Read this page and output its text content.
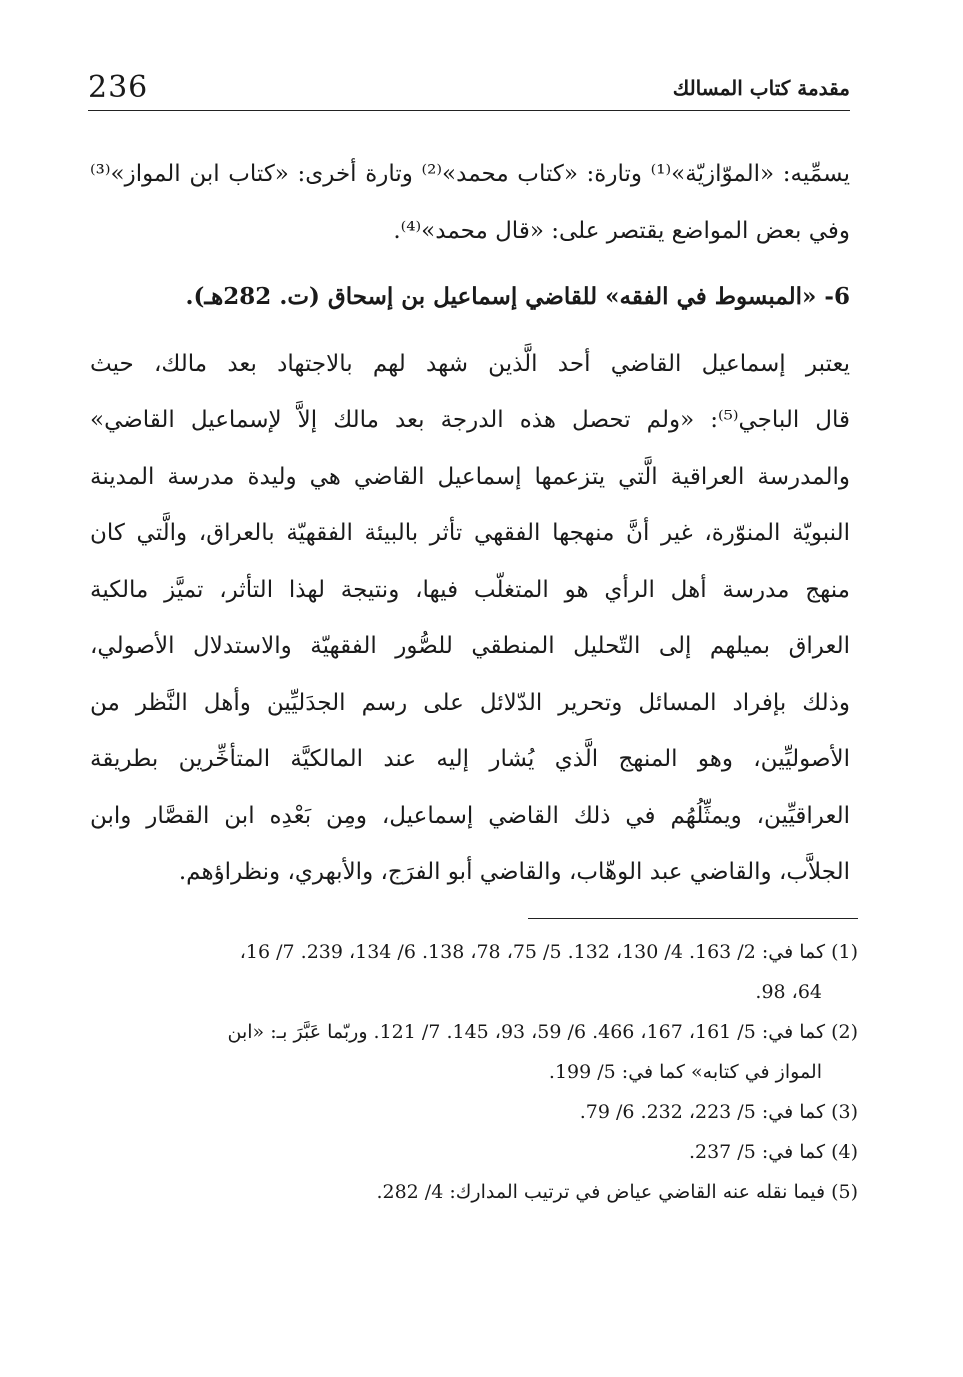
236	مقدمة كتاب المسالك
يسمِّيه: «الموّازيّة»⁽¹⁾ وتارة: «كتاب محمد»⁽²⁾ وتارة أخرى: «كتاب ابن المواز»⁽³⁾
وفي بعض المواضع يقتصر على: «قال محمد»⁽⁴⁾.
6- «المبسوط في الفقه» للقاضي إسماعيل بن إسحاق (ت. 282هـ).
يعتبر إسماعيل القاضي أحد الَّذين شهد لهم بالاجتهاد بعد مالك، حيث
قال الباجي⁽⁵⁾: «ولم تحصل هذه الدرجة بعد مالك إلاَّ لإسماعيل القاضي»
والمدرسة العراقية الَّتي يتزعمها إسماعيل القاضي هي وليدة مدرسة المدينة
النبويّة المنوّرة، غير أنَّ منهجها الفقهي تأثر بالبيئة الفقهيّة بالعراق، والَّتي كان
منهج مدرسة أهل الرأي هو المتغلّب فيها، ونتيجة لهذا التأثر، تميَّز مالكية
العراق بميلهم إلى التّحليل المنطقي للصُّور الفقهيّة والاستدلال الأصولي،
وذلك بإفراد المسائل وتحرير الدّلائل على رسم الجدَليِّين وأهل النَّظر من
الأصوليِّين، وهو المنهج الَّذي يُشار إليه عند المالكيَّة المتأخِّرين بطريقة
العراقيِّين، ويمثِّلُهُم في ذلك القاضي إسماعيل، ومِن بَعْدِه ابن القصَّار وابن
الجلاَّب، والقاضي عبد الوهّاب، والقاضي أبو الفرَج، والأبهري، ونظراؤهم.
(1) كما في: 2/ 163. 4/ 130، 132. 5/ 75، 78، 138. 6/ 134، 239. 7/ 16،
64، 98.
(2) كما في: 5/ 161، 167، 466. 6/ 59، 93، 145. 7/ 121. وربّما عَبَّرَ بـ: «ابن
المواز في كتابه» كما في: 5/ 199.
(3) كما في: 5/ 223، 232. 6/ 79.
(4) كما في: 5/ 237.
(5) فيما نقله عنه القاضي عياض في ترتيب المدارك: 4/ 282.
